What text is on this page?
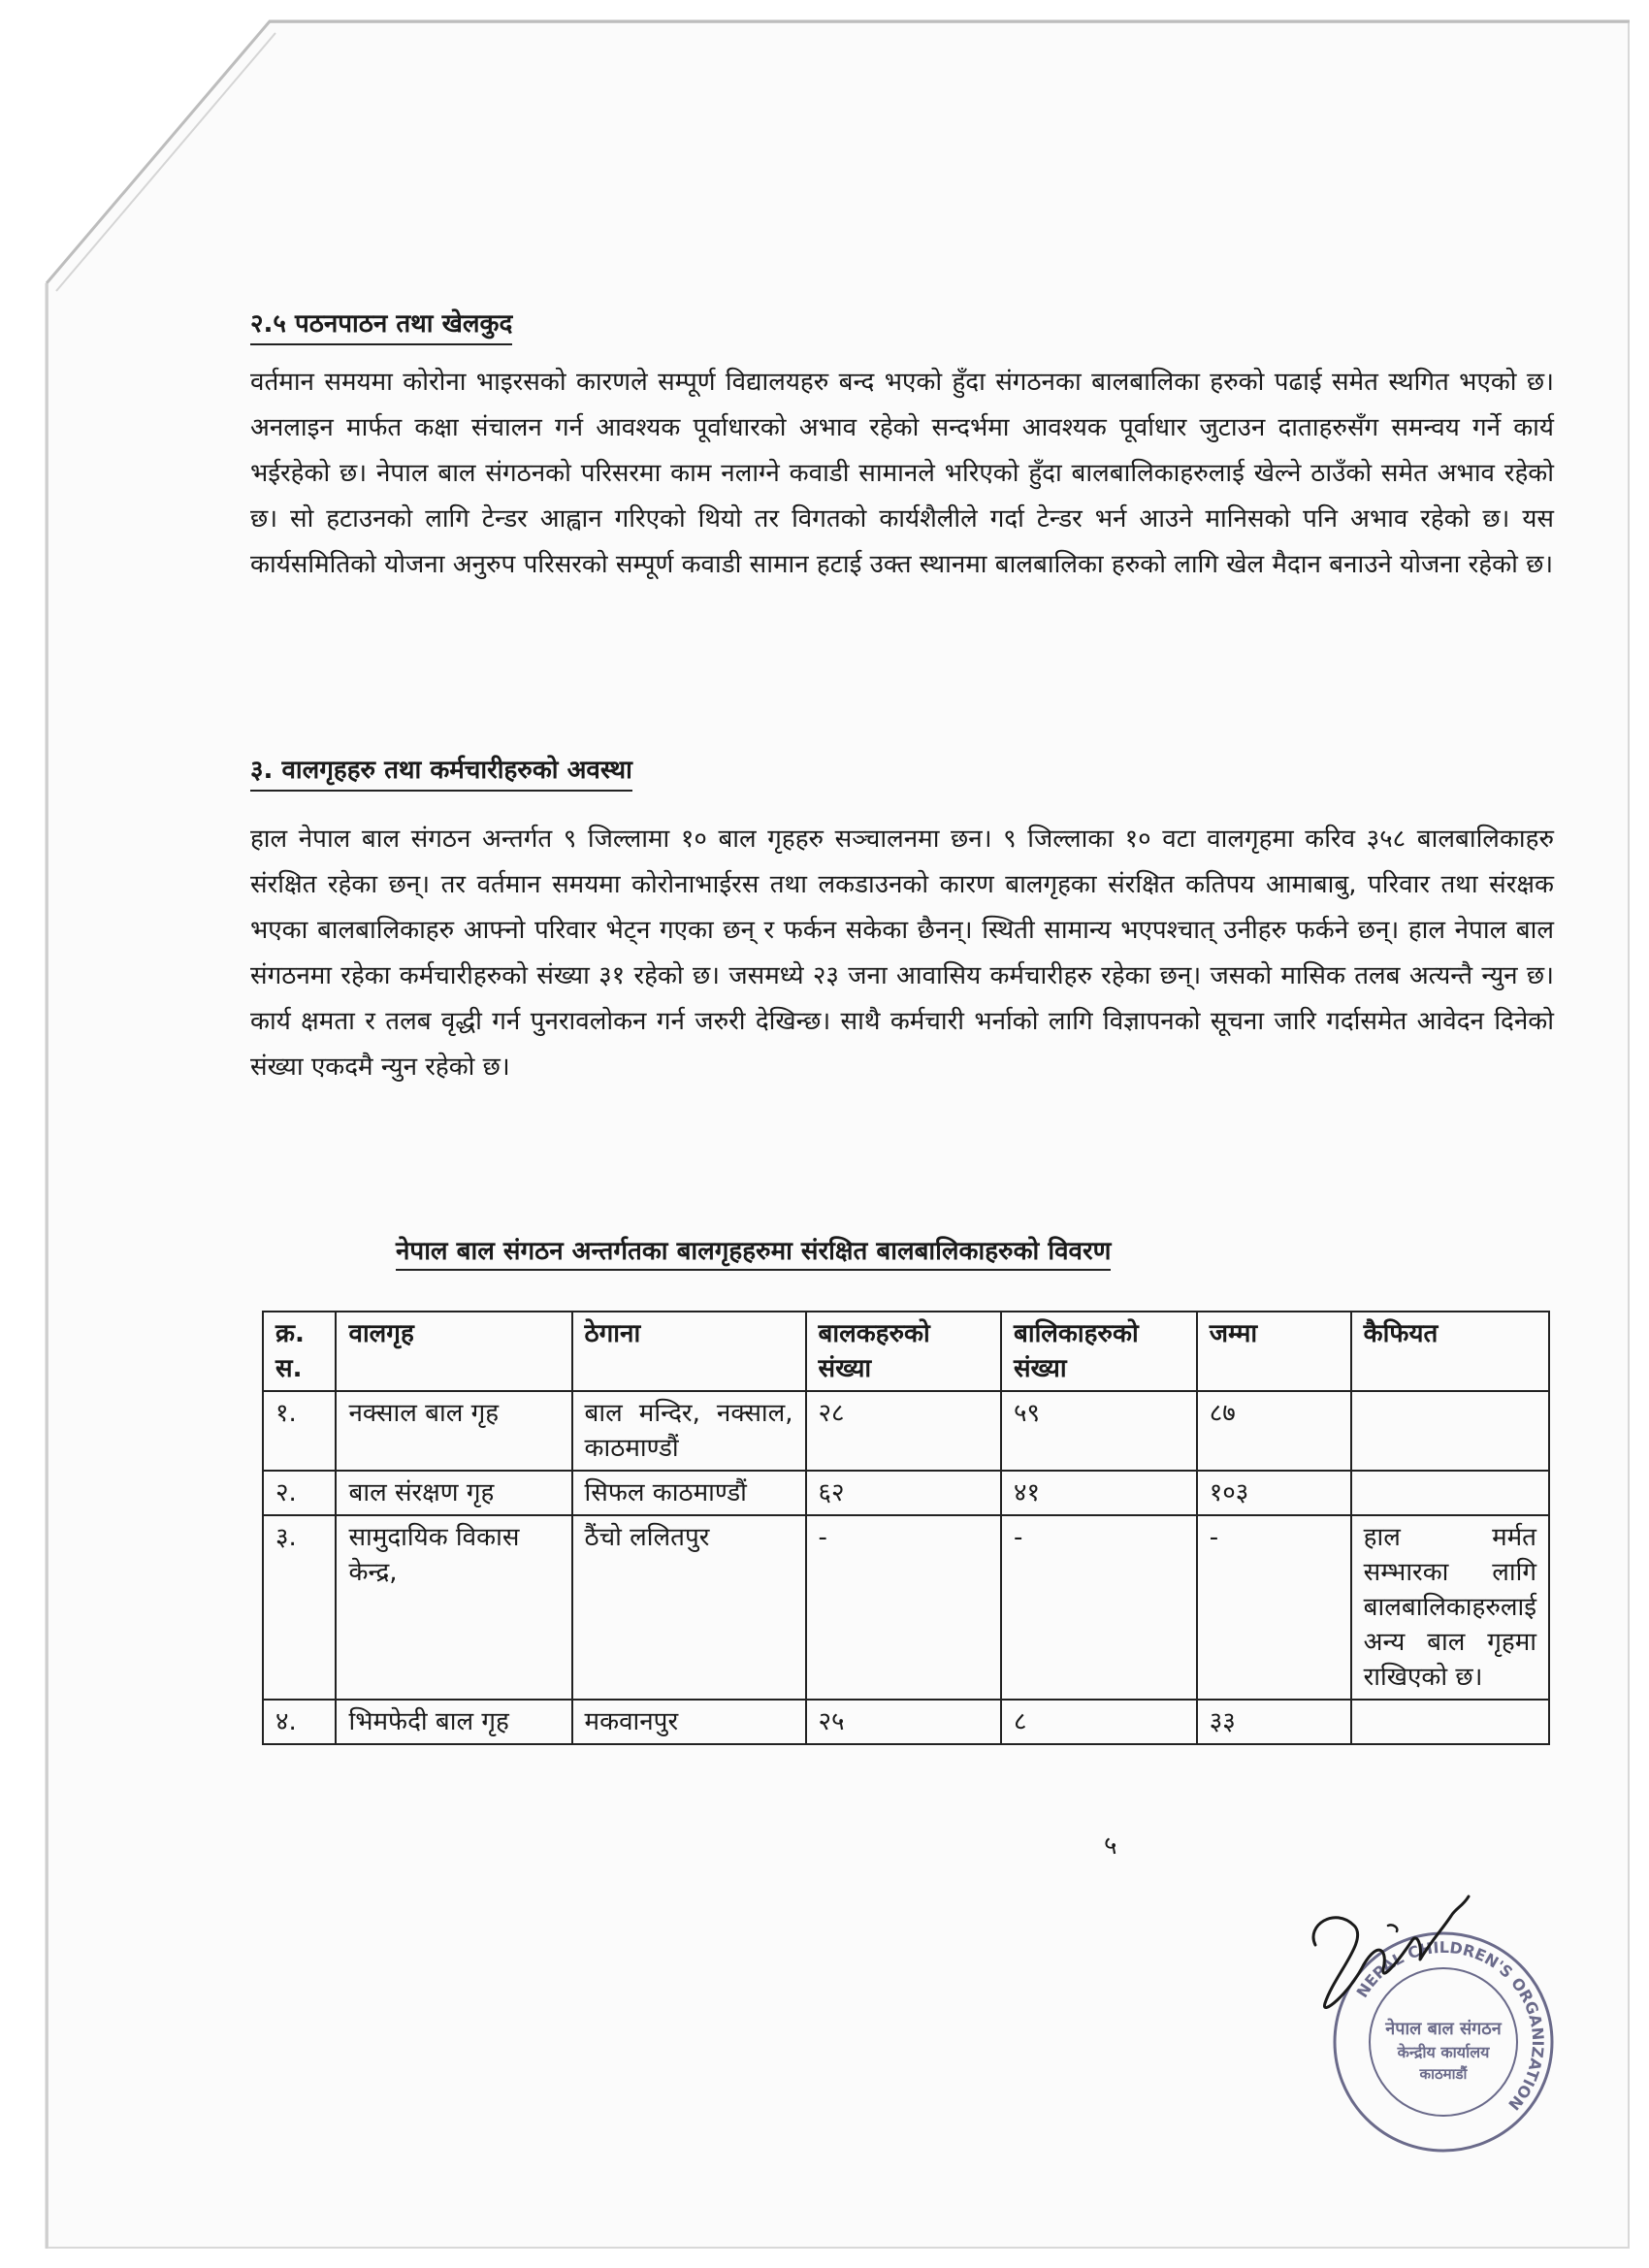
२.५ पठनपाठन तथा खेलकुद

वर्तमान समयमा कोरोना भाइरसको कारणले सम्पूर्ण विद्यालयहरु बन्द भएको हुँदा संगठनका बालबालिका हरुको पढाई समेत स्थगित भएको छ। अनलाइन मार्फत कक्षा संचालन गर्न आवश्यक पूर्वाधारको अभाव रहेको सन्दर्भमा आवश्यक पूर्वाधार जुटाउन दाताहरुसँग समन्वय गर्ने कार्य भईरहेको छ। नेपाल बाल संगठनको परिसरमा काम नलाग्ने कवाडी सामानले भरिएको हुँदा बालबालिकाहरुलाई खेल्ने ठाउँको समेत अभाव रहेको छ। सो हटाउनको लागि टेन्डर आह्वान गरिएको थियो तर विगतको कार्यशैलीले गर्दा टेन्डर भर्न आउने मानिसको पनि अभाव रहेको छ। यस कार्यसमितिको योजना अनुरुप परिसरको सम्पूर्ण कवाडी सामान हटाई उक्त स्थानमा बालबालिका हरुको लागि खेल मैदान बनाउने योजना रहेको छ।

३. वालगृहहरु तथा कर्मचारीहरुको अवस्था

हाल नेपाल बाल संगठन अन्तर्गत ९ जिल्लामा १० बाल गृहहरु सञ्चालनमा छन। ९ जिल्लाका १० वटा वालगृहमा करिव ३५८ बालबालिकाहरु संरक्षित रहेका छन्। तर वर्तमान समयमा कोरोनाभाईरस तथा लकडाउनको कारण बालगृहका संरक्षित कतिपय आमाबाबु, परिवार तथा संरक्षक भएका बालबालिकाहरु आफ्नो परिवार भेट्न गएका छन् र फर्कन सकेका छैनन्। स्थिती सामान्य भएपश्चात् उनीहरु फर्कने छन्। हाल नेपाल बाल संगठनमा रहेका कर्मचारीहरुको संख्या ३१ रहेको छ। जसमध्ये २३ जना आवासिय कर्मचारीहरु रहेका छन्। जसको मासिक तलब अत्यन्तै न्युन छ। कार्य क्षमता र तलब वृद्धी गर्न पुनरावलोकन गर्न जरुरी देखिन्छ। साथै कर्मचारी भर्नाको लागि विज्ञापनको सूचना जारि गर्दासमेत आवेदन दिनेको संख्या एकदमै न्युन रहेको छ।

नेपाल बाल संगठन अन्तर्गतका बालगृहहरुमा संरक्षित बालबालिकाहरुको विवरण
क्र. स.	वालगृह	ठेगाना	बालकहरुको संख्या	बालिकाहरुको संख्या	जम्मा	कैफियत
१.	नक्साल बाल गृह	बाल मन्दिर, नक्साल, काठमाण्डौं	२८	५९	८७	
२.	बाल संरक्षण गृह	सिफल काठमाण्डौं	६२	४१	१०३	
३.	सामुदायिक विकास केन्द्र,	ठैंचो ललितपुर	-	-	-	हाल मर्मत सम्भारका लागि बालबालिकाहरुलाई अन्य बाल गृहमा राखिएको छ।
४.	भिमफेदी बाल गृह	मकवानपुर	२५	८	३३	
५
NEPAL CHILDREN'S ORGANIZATION
नेपाल बाल संगठन
केन्द्रीय कार्यालय
काठमाडौं
